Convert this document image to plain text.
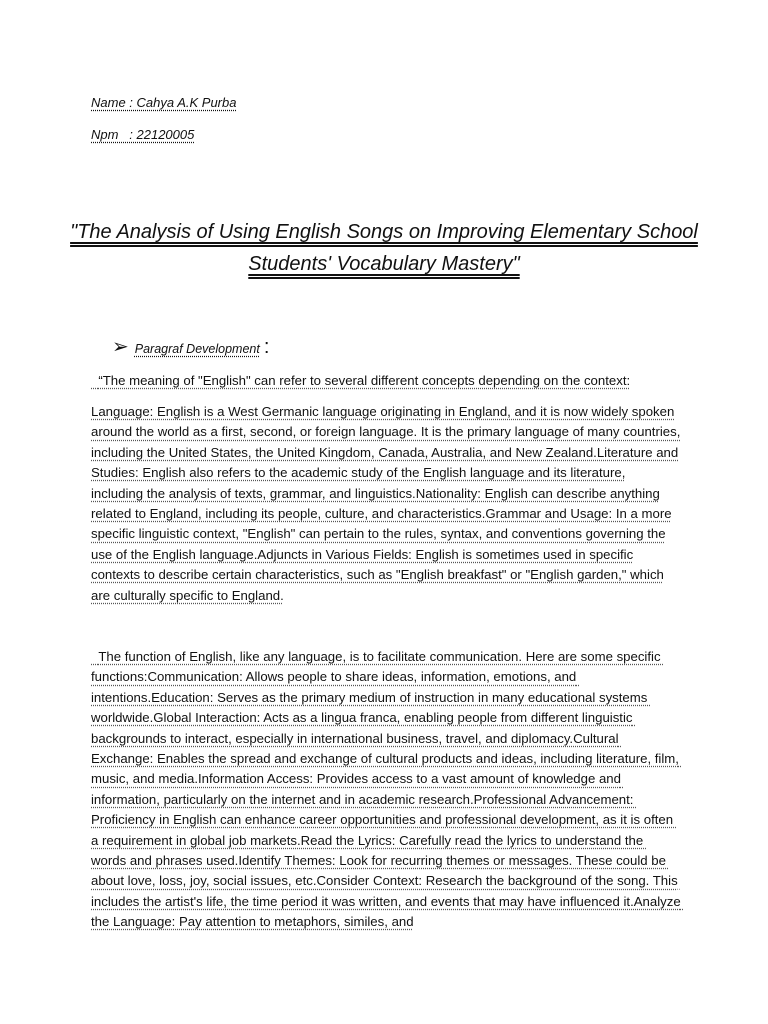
Name : Cahya A.K Purba
Npm   : 22120005
"The Analysis of Using English Songs on Improving Elementary School Students' Vocabulary Mastery"
➢ Paragraf Development :

“The meaning of "English" can refer to several different concepts depending on the context:

Language: English is a West Germanic language originating in England, and it is now widely spoken around the world as a first, second, or foreign language. It is the primary language of many countries, including the United States, the United Kingdom, Canada, Australia, and New Zealand.Literature and Studies: English also refers to the academic study of the English language and its literature, including the analysis of texts, grammar, and linguistics.Nationality: English can describe anything related to England, including its people, culture, and characteristics.Grammar and Usage: In a more specific linguistic context, "English" can pertain to the rules, syntax, and conventions governing the use of the English language.Adjuncts in Various Fields: English is sometimes used in specific contexts to describe certain characteristics, such as "English breakfast" or "English garden," which are culturally specific to England.

The function of English, like any language, is to facilitate communication. Here are some specific functions:Communication: Allows people to share ideas, information, emotions, and intentions.Education: Serves as the primary medium of instruction in many educational systems worldwide.Global Interaction: Acts as a lingua franca, enabling people from different linguistic backgrounds to interact, especially in international business, travel, and diplomacy.Cultural Exchange: Enables the spread and exchange of cultural products and ideas, including literature, film, music, and media.Information Access: Provides access to a vast amount of knowledge and information, particularly on the internet and in academic research.Professional Advancement: Proficiency in English can enhance career opportunities and professional development, as it is often a requirement in global job markets.Read the Lyrics: Carefully read the lyrics to understand the words and phrases used.Identify Themes: Look for recurring themes or messages. These could be about love, loss, joy, social issues, etc.Consider Context: Research the background of the song. This includes the artist's life, the time period it was written, and events that may have influenced it.Analyze the Language: Pay attention to metaphors, similes, and
